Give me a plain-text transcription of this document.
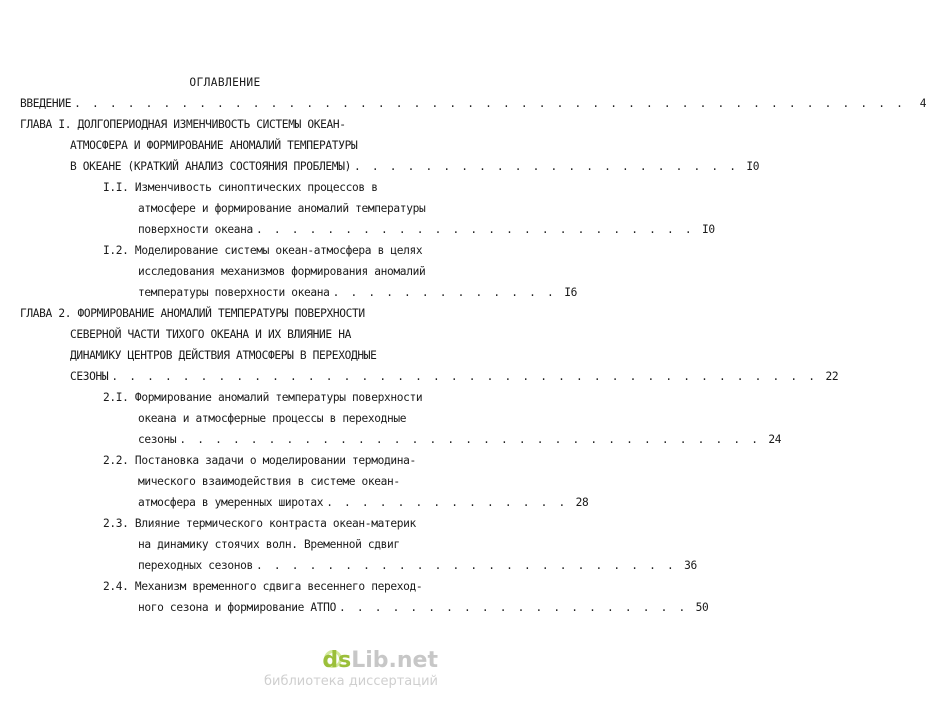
ОГЛАВЛЕНИЕ
ВВЕДЕНИЕ . . . . . . . . . . . . . . . . . . . . . . . . . . . . . . . . . . . . . . . . . . . . . . .	4
ГЛАВА I. ДОЛГОПЕРИОДНАЯ ИЗМЕНЧИВОСТЬ СИСТЕМЫ ОКЕАН-
АТМОСФЕРА И ФОРМИРОВАНИЕ АНОМАЛИЙ ТЕМПЕРАТУРЫ
В ОКЕАНЕ (КРАТКИЙ АНАЛИЗ СОСТОЯНИЯ ПРОБЛЕМЫ) . . . . . . . . . . . . . . . . . . . . . . I0
I.I. Изменчивость синоптических процессов в
атмосфере и формирование аномалий температуры
поверхности океана . . . . . . . . . . . . . . . . . . . . . . . . . I0
I.2. Моделирование системы океан-атмосфера в целях
исследования механизмов формирования аномалий
температуры поверхности океана . . . . . . . . . . . . . I6
ГЛАВА 2. ФОРМИРОВАНИЕ АНОМАЛИЙ ТЕМПЕРАТУРЫ ПОВЕРХНОСТИ
СЕВЕРНОЙ ЧАСТИ ТИХОГО ОКЕАНА И ИХ ВЛИЯНИЕ НА
ДИНАМИКУ ЦЕНТРОВ ДЕЙСТВИЯ АТМОСФЕРЫ В ПЕРЕХОДНЫЕ
СЕЗОНЫ . . . . . . . . . . . . . . . . . . . . . . . . . . . . . . . . . . . . . . . . 22
2.I. Формирование аномалий температуры поверхности
океана и атмосферные процессы в переходные
сезоны . . . . . . . . . . . . . . . . . . . . . . . . . . . . . . . . . 24
2.2. Постановка задачи о моделировании термодина-
мического взаимодействия в системе океан-
атмосфера в умеренных широтах . . . . . . . . . . . . . . 28
2.3. Влияние термического контраста океан-материк
на динамику стоячих волн. Временной сдвиг
переходных сезонов . . . . . . . . . . . . . . . . . . . . . . . . 36
2.4. Механизм временного сдвига весеннего переход-
ного сезона и формирование АТПО . . . . . . . . . . . . . . . . . . . . 50
dsLib.net
библиотека диссертаций
